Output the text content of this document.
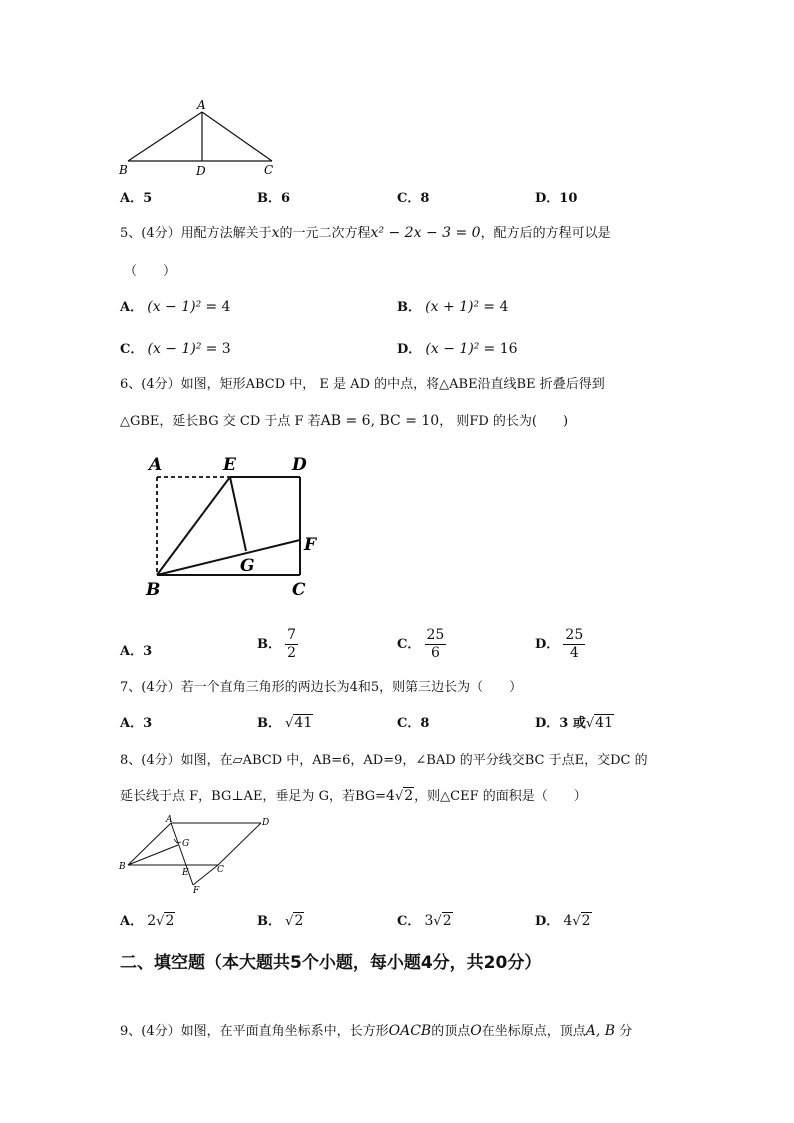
A
B	D	C
A．5	B．6	C．8	D．10
5、(4分）用配方法解关于x的一元二次方程x² − 2x − 3 = 0，配方后的方程可以是
（　　）
A． (x − 1)² = 4	B． (x + 1)² = 4
C． (x − 1)² = 3	D． (x − 1)² = 16
6、(4分）如图，矩形ABCD 中， E 是 AD 的中点，将△ABE沿直线BE 折叠后得到
△GBE，延长BG 交 CD 于点 F 若AB = 6, BC = 10， 则FD 的长为(　　)
A	E	D
F
G
B	C
A．3	B． $\frac{7}{2}$	C． $\frac{25}{6}$	D． $\frac{25}{4}$
7、(4分）若一个直角三角形的两边长为4和5，则第三边长为（　　）
A．3	B． √41	C．8	D．3 或√41
8、(4分）如图，在▱ABCD 中，AB=6，AD=9，∠BAD 的平分线交BC 于点E，交DC 的
延长线于点 F，BG⊥AE，垂足为 G，若BG=4√2，则△CEF 的面积是（　　）
A	D
G
B
E	C
F
A． 2√2	B． √2	C． 3√2	D． 4√2
二、填空题（本大题共5个小题，每小题4分，共20分）
9、(4分）如图，在平面直角坐标系中，长方形OACB的顶点O在坐标原点，顶点A, B 分
